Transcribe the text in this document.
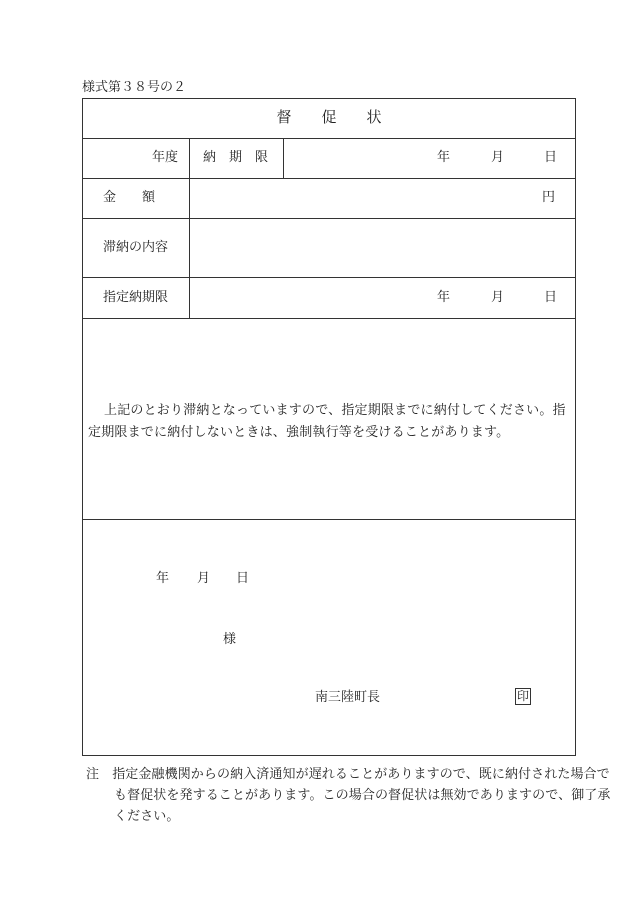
様式第３８号の２
督　　促　　状
年度 納　期　限	年	月	日
金　　額	円
滞納の内容
指定納期限	年	月	日
上記のとおり滞納となっていますので、指定期限までに納付してください。指定期限までに納付しないときは、強制執行等を受けることがあります。
年 月 日
様
南三陸町長	印
注　指定金融機関からの納入済通知が遅れることがありますので、既に納付された場合でも督促状を発することがあります。この場合の督促状は無効でありますので、御了承ください。
